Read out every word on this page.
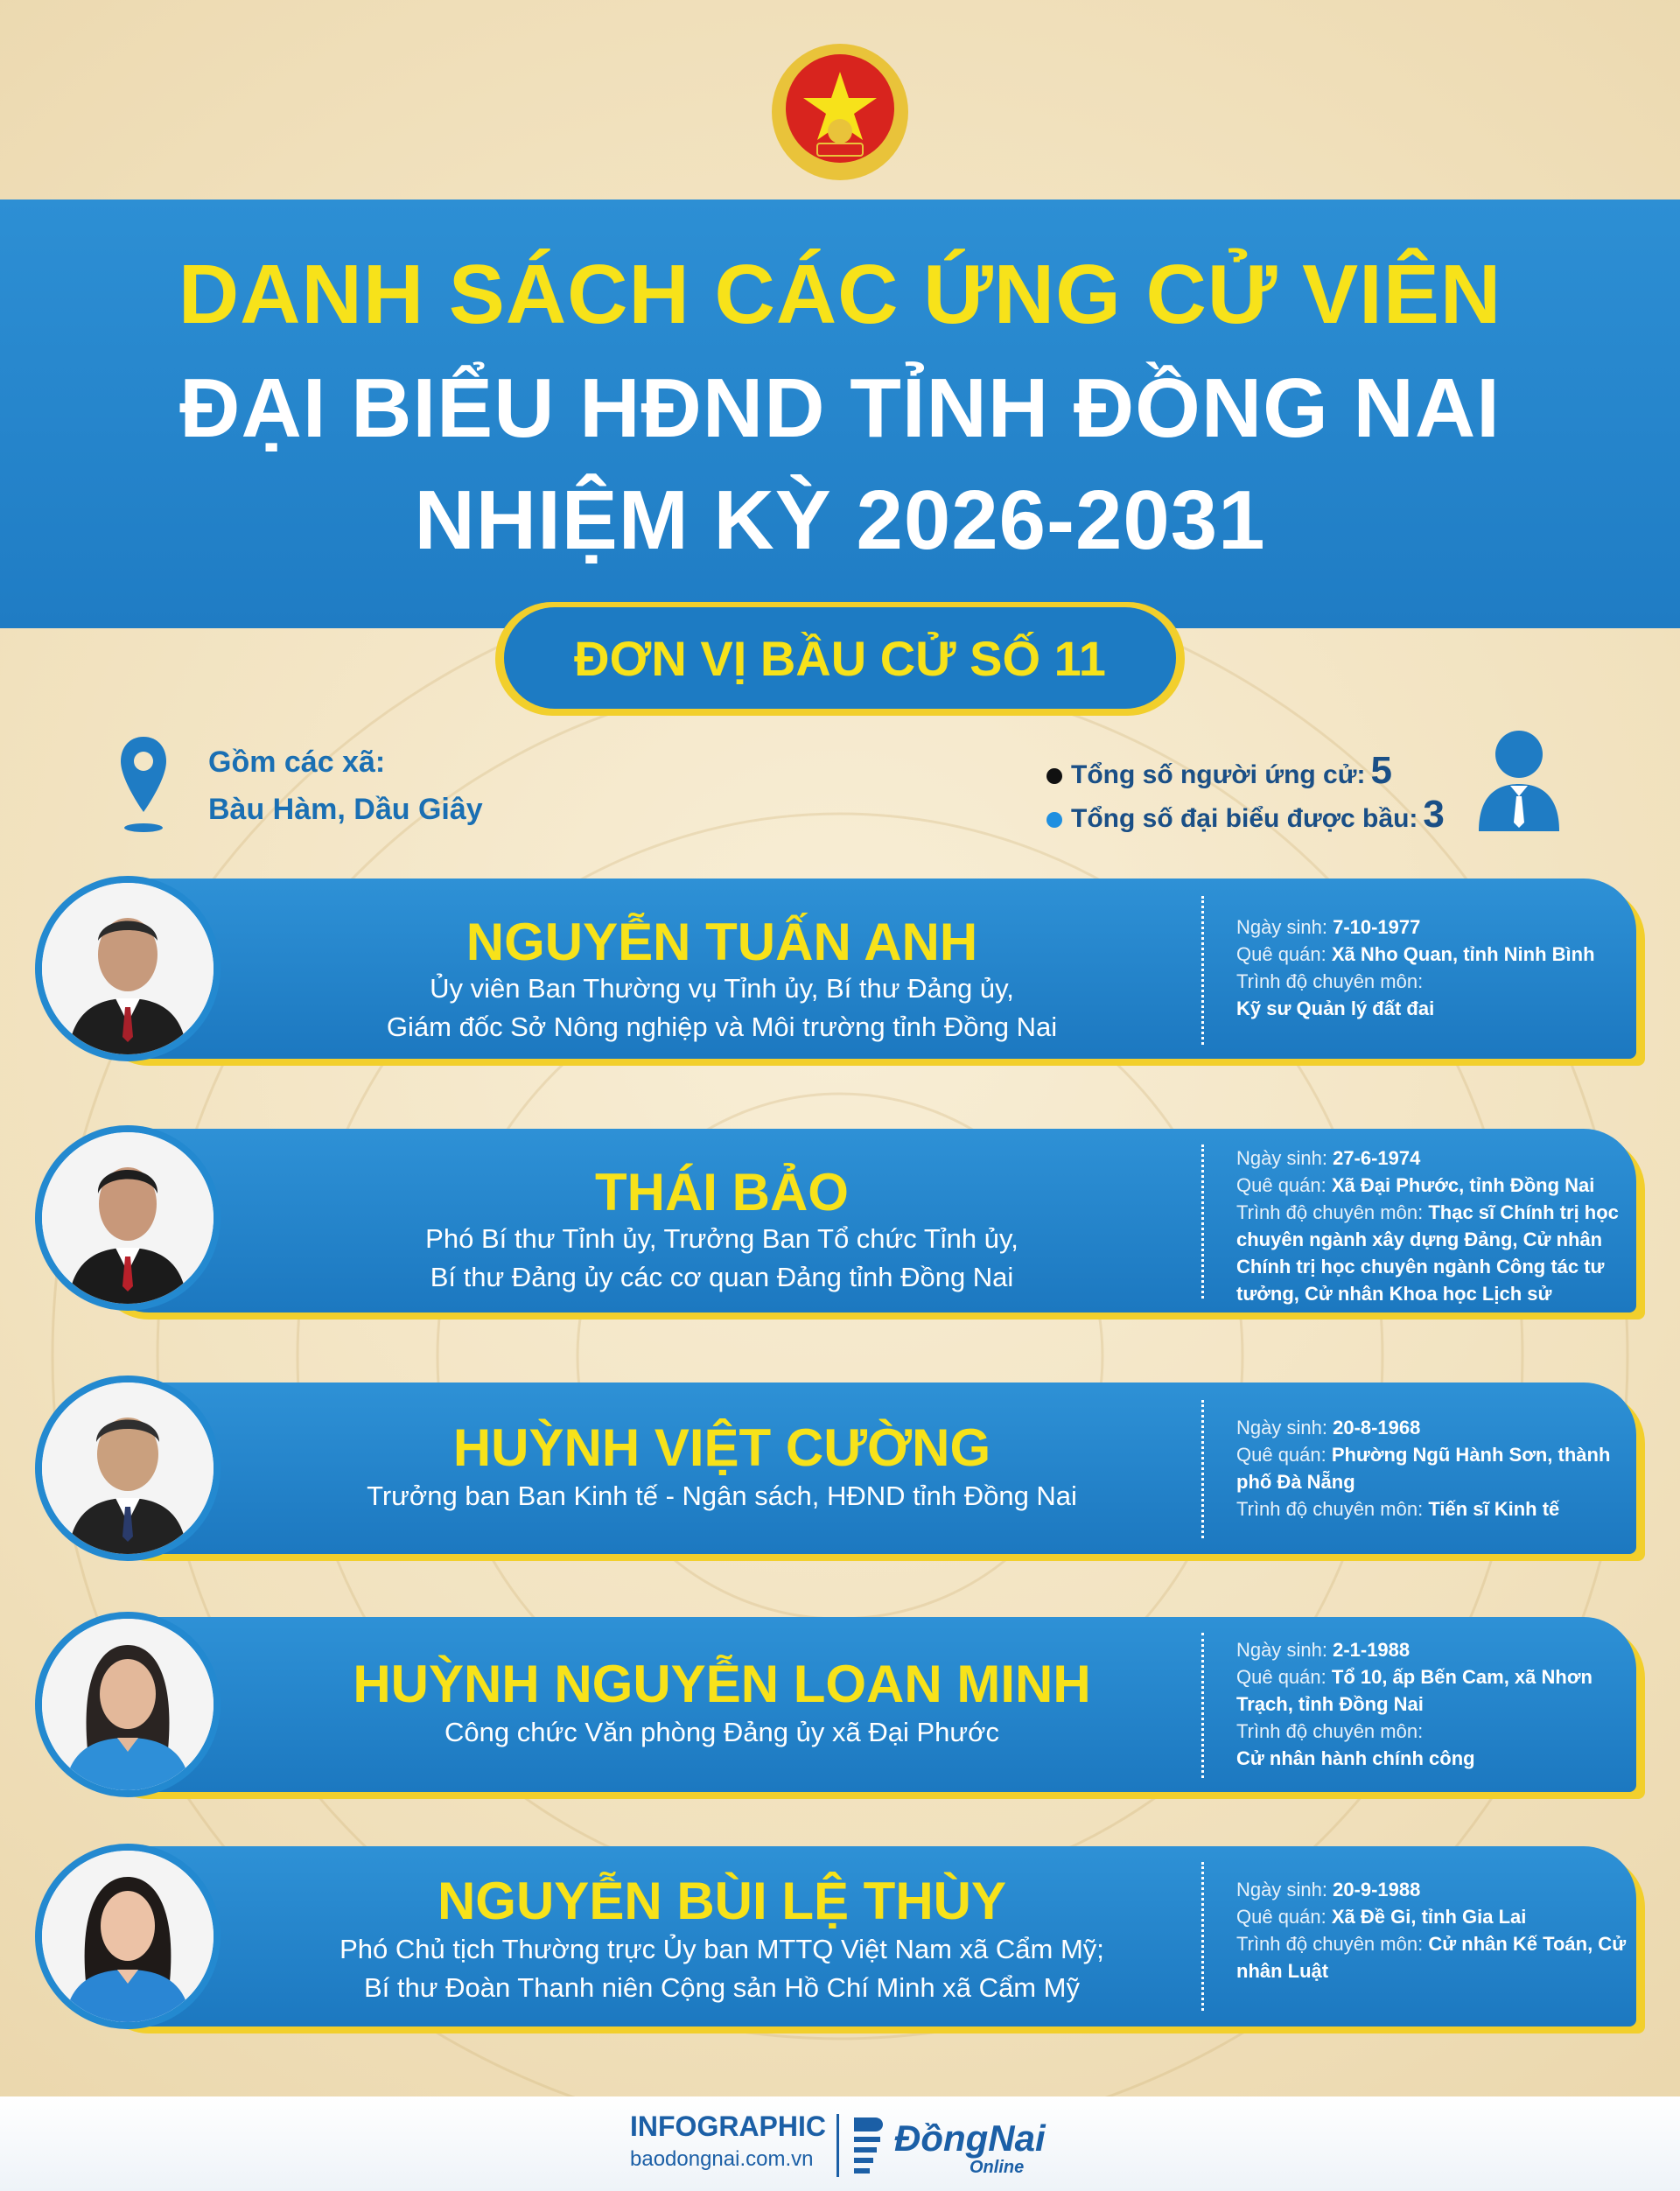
DANH SÁCH CÁC ỨNG CỬ VIÊN
ĐẠI BIỂU HĐND TỈNH ĐỒNG NAI
NHIỆM KỲ 2026-2031
ĐƠN VỊ BẦU CỬ SỐ 11
Gồm các xã:
Bàu Hàm, Dầu Giây
Tổng số người ứng cử: 5
Tổng số đại biểu được bầu: 3
NGUYỄN TUẤN ANH
Ủy viên Ban Thường vụ Tỉnh ủy, Bí thư Đảng ủy,
Giám đốc Sở Nông nghiệp và Môi trường tỉnh Đồng Nai
Ngày sinh: 7-10-1977
Quê quán: Xã Nho Quan, tỉnh Ninh Bình
Trình độ chuyên môn:
Kỹ sư Quản lý đất đai
THÁI BẢO
Phó Bí thư Tỉnh ủy, Trưởng Ban Tổ chức Tỉnh ủy,
Bí thư Đảng ủy các cơ quan Đảng tỉnh Đồng Nai
Ngày sinh: 27-6-1974
Quê quán: Xã Đại Phước, tỉnh Đồng Nai
Trình độ chuyên môn: Thạc sĩ Chính trị học chuyên ngành xây dựng Đảng, Cử nhân Chính trị học chuyên ngành Công tác tư tưởng, Cử nhân Khoa học Lịch sử
HUỲNH VIỆT CƯỜNG
Trưởng ban Ban Kinh tế - Ngân sách, HĐND tỉnh Đồng Nai
Ngày sinh: 20-8-1968
Quê quán: Phường Ngũ Hành Sơn, thành phố Đà Nẵng
Trình độ chuyên môn: Tiến sĩ Kinh tế
HUỲNH NGUYỄN LOAN MINH
Công chức Văn phòng Đảng ủy xã Đại Phước
Ngày sinh: 2-1-1988
Quê quán: Tổ 10, ấp Bến Cam, xã Nhơn Trạch, tỉnh Đồng Nai
Trình độ chuyên môn:
Cử nhân hành chính công
NGUYỄN BÙI LỆ THÙY
Phó Chủ tịch Thường trực Ủy ban MTTQ Việt Nam xã Cẩm Mỹ;
Bí thư Đoàn Thanh niên Cộng sản Hồ Chí Minh xã Cẩm Mỹ
Ngày sinh: 20-9-1988
Quê quán: Xã Đề Gi, tỉnh Gia Lai
Trình độ chuyên môn: Cử nhân Kế Toán, Cử nhân Luật
INFOGRAPHIC
baodongnai.com.vn
ĐồngNai
Online
